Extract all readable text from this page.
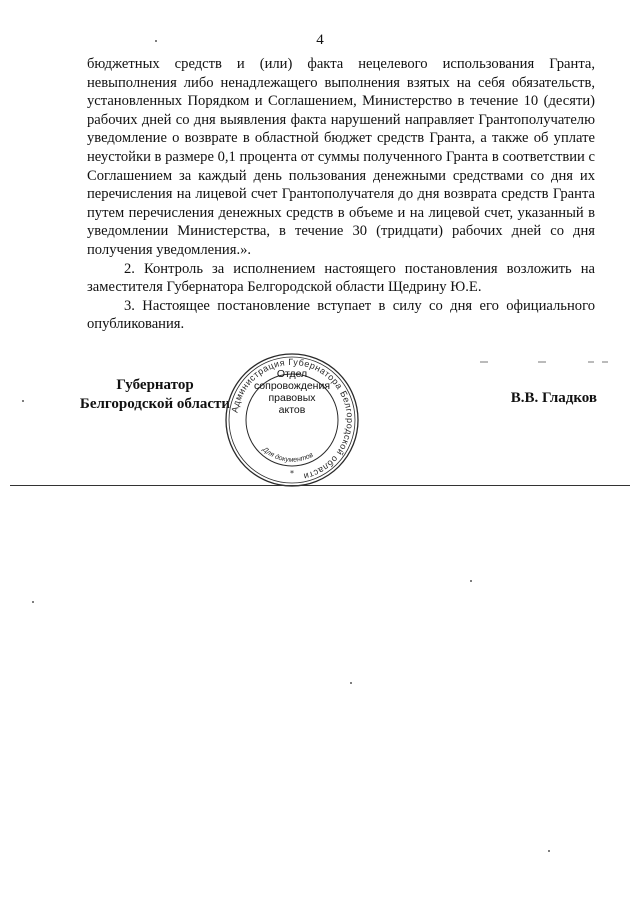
4

бюджетных средств и (или) факта нецелевого использования Гранта, невыполнения либо ненадлежащего выполнения взятых на себя обязательств, установленных Порядком и Соглашением, Министерство в течение 10 (десяти) рабочих дней со дня выявления факта нарушений направляет Грантополучателю уведомление о возврате в областной бюджет средств Гранта, а также об уплате неустойки в размере 0,1 процента от суммы полученного Гранта в соответствии с Соглашением за каждый день пользования денежными средствами со дня их перечисления на лицевой счет Грантополучателя до дня возврата средств Гранта путем перечисления денежных средств в объеме и на лицевой счет, указанный в уведомлении Министерства, в течение 30 (тридцати) рабочих дней со дня получения уведомления.».

2. Контроль за исполнением настоящего постановления возложить на заместителя Губернатора Белгородской области Щедрину Ю.Е.

3. Настоящее постановление вступает в силу со дня его официального опубликования.

Губернатор
Белгородской области Администрация Губернатора Белгородской области
Для документов
*
Отдел
сопровождения
правовых
актов
В.В. Гладков
